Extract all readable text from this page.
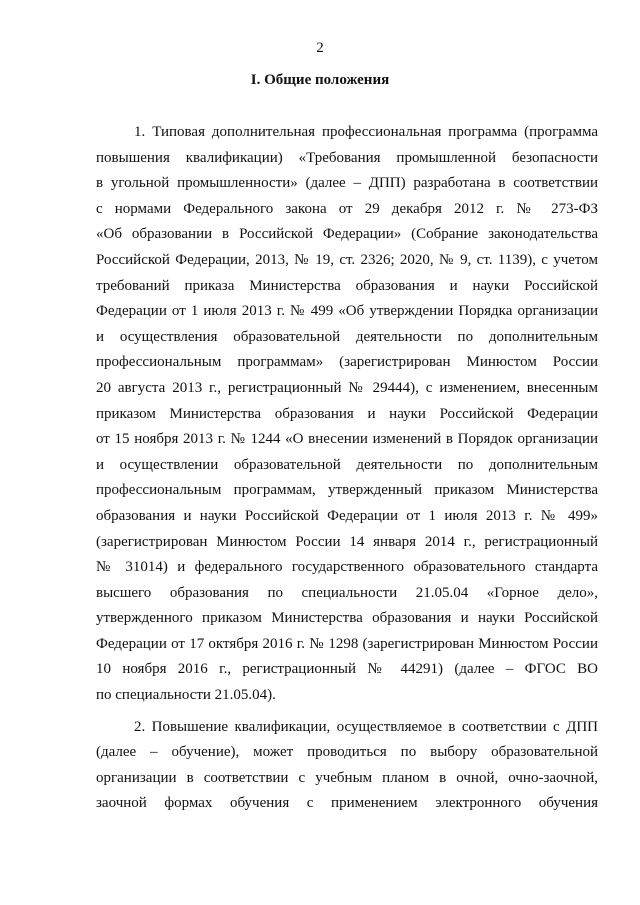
2
I. Общие положения
1. Типовая дополнительная профессиональная программа (программа
повышения квалификации) «Требования промышленной безопасности
в угольной промышленности» (далее – ДПП) разработана в соответствии
с нормами Федерального закона от 29 декабря 2012 г. № 273-ФЗ
«Об образовании в Российской Федерации» (Собрание законодательства
Российской Федерации, 2013, № 19, ст. 2326; 2020, № 9, ст. 1139), с учетом
требований приказа Министерства образования и науки Российской
Федерации от 1 июля 2013 г. № 499 «Об утверждении Порядка организации
и осуществления образовательной деятельности по дополнительным
профессиональным программам» (зарегистрирован Минюстом России
20 августа 2013 г., регистрационный № 29444), с изменением, внесенным
приказом Министерства образования и науки Российской Федерации
от 15 ноября 2013 г. № 1244 «О внесении изменений в Порядок организации
и осуществлении образовательной деятельности по дополнительным
профессиональным программам, утвержденный приказом Министерства
образования и науки Российской Федерации от 1 июля 2013 г. № 499»
(зарегистрирован Минюстом России 14 января 2014 г., регистрационный
№ 31014) и федерального государственного образовательного стандарта
высшего образования по специальности 21.05.04 «Горное дело»,
утвержденного приказом Министерства образования и науки Российской
Федерации от 17 октября 2016 г. № 1298 (зарегистрирован Минюстом России
10 ноября 2016 г., регистрационный № 44291) (далее – ФГОС ВО
по специальности 21.05.04).
2. Повышение квалификации, осуществляемое в соответствии с ДПП
(далее – обучение), может проводиться по выбору образовательной
организации в соответствии с учебным планом в очной, очно-заочной,
заочной формах обучения с применением электронного обучения
